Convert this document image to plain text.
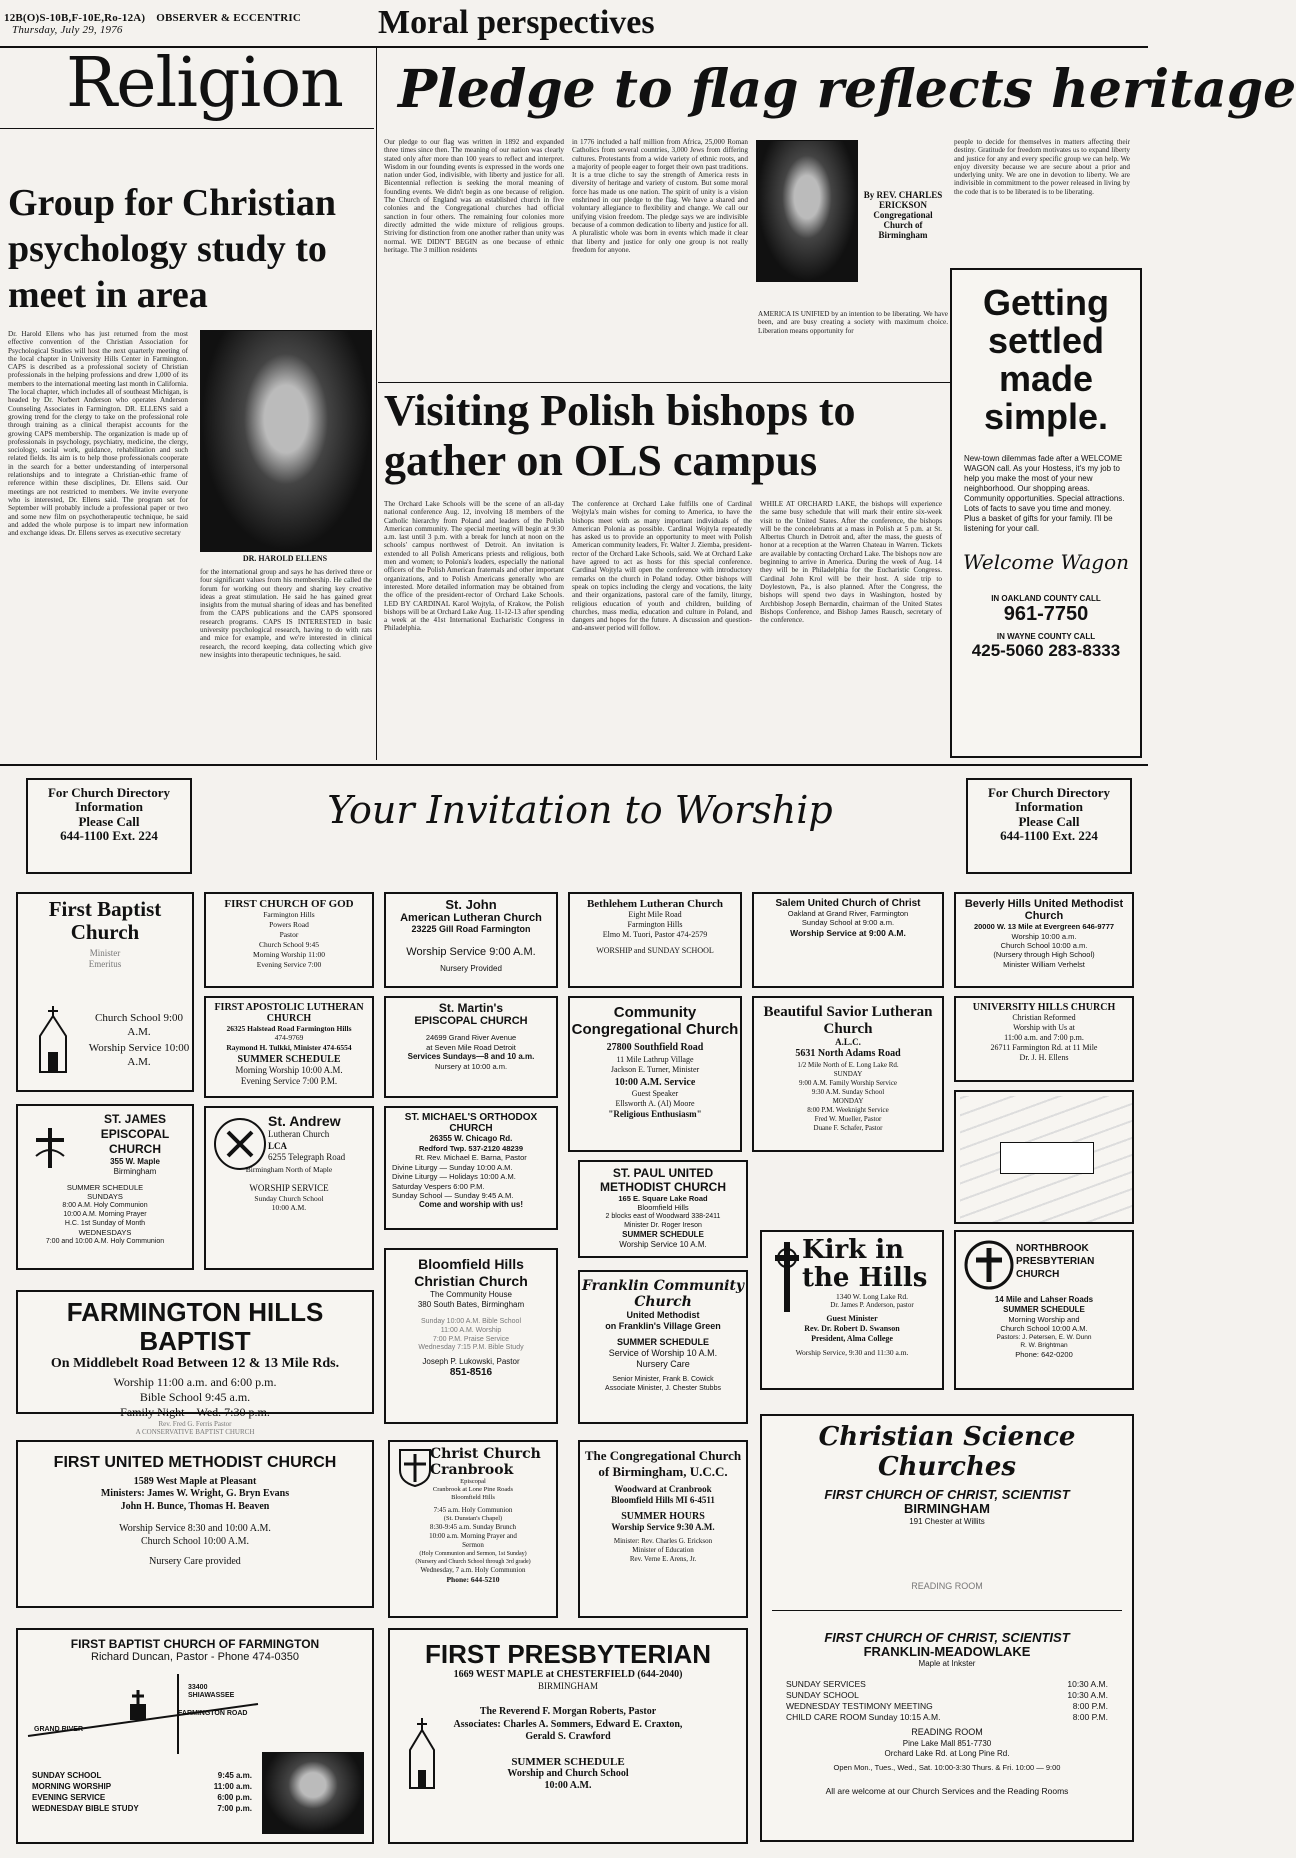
12B(O)S-10B,F-10E,Ro-12A) OBSERVER & ECCENTRIC Thursday, July 29, 1976	Moral perspectives
Religion
Group for Christian psychology study to meet in area
Dr. Harold Ellens who has just returned from the most effective convention of the Christian Association for Psychological Studies will host the next quarterly meeting of the local chapter in University Hills Center in Farmington. CAPS is described as a professional society of Christian professionals in the helping professions and drew 1,000 of its members to the international meeting last month in California. The local chapter, which includes all of southeast Michigan, is headed by Dr. Norbert Anderson who operates Anderson Counseling Associates in Farmington. DR. ELLENS said a growing trend for the clergy to take on the professional role through training as a clinical therapist accounts for the growing CAPS membership. The organization is made up of professionals in psychology, psychiatry, medicine, the clergy, sociology, social work, guidance, rehabilitation and such related fields. Its aim is to help those professionals cooperate in the search for a better understanding of interpersonal relationships and to integrate a Christian-ethic frame of reference within these disciplines, Dr. Ellens said. Our meetings are not restricted to members. We invite everyone who is interested, Dr. Ellens said. The program set for September will probably include a professional paper or two and some new film on psychotherapeutic technique, he said and added the whole purpose is to impart new information and exchange ideas. Dr. Ellens serves as executive secretary
DR. HAROLD ELLENS
for the international group and says he has derived three or four significant values from his membership. He called the forum for working out theory and sharing key creative ideas a great stimulation. He said he has gained great insights from the mutual sharing of ideas and has benefited from the CAPS publications and the CAPS sponsored research programs. CAPS IS INTERESTED in basic university psychological research, having to do with rats and mice for example, and we're interested in clinical research, the record keeping, data collecting which give new insights into therapeutic techniques, he said.
Pledge to flag reflects heritage
Our pledge to our flag was written in 1892 and expanded three times since then. The meaning of our nation was clearly stated only after more than 100 years to reflect and interpret. Wisdom in our founding events is expressed in the words one nation under God, indivisible, with liberty and justice for all. Bicentennial reflection is seeking the moral meaning of founding events. We didn't begin as one because of religion. The Church of England was an established church in five colonies and the Congregational churches had official sanction in four others. The remaining four colonies more directly admitted the wide mixture of religious groups. Striving for distinction from one another rather than unity was normal. WE DIDN'T BEGIN as one because of ethnic heritage. The 3 million residents
in 1776 included a half million from Africa, 25,000 Roman Catholics from several countries, 3,000 Jews from differing cultures. Protestants from a wide variety of ethnic roots, and a majority of people eager to forget their own past traditions. It is a true cliche to say the strength of America rests in diversity of heritage and variety of custom. But some moral force has made us one nation. The spirit of unity is a vision enshrined in our pledge to the flag. We have a shared and voluntary allegiance to flexibility and change. We call our unifying vision freedom. The pledge says we are indivisible because of a common dedication to liberty and justice for all. A pluralistic whole was born in events which made it clear that liberty and justice for only one group is not really freedom for anyone.
By REV. CHARLES ERICKSON Congregational Church of Birmingham
AMERICA IS UNIFIED by an intention to be liberating. We have been, and are busy creating a society with maximum choice. Liberation means opportunity for
people to decide for themselves in matters affecting their destiny. Gratitude for freedom motivates us to expand liberty and justice for any and every specific group we can help. We enjoy diversity because we are secure about a prior and underlying unity. We are one in devotion to liberty. We are indivisible in commitment to the power released in living by the code that is to be liberated is to be liberating.
Visiting Polish bishops to gather on OLS campus
The Orchard Lake Schools will be the scene of an all-day national conference Aug. 12, involving 18 members of the Catholic hierarchy from Poland and leaders of the Polish American community. The special meeting will begin at 9:30 a.m. last until 3 p.m. with a break for lunch at noon on the schools' campus northwest of Detroit. An invitation is extended to all Polish Americans priests and religious, both men and women; to Polonia's leaders, especially the national officers of the Polish American fraternals and other important organizations, and to Polish Americans generally who are interested. More detailed information may be obtained from the office of the president-rector of Orchard Lake Schools. LED BY CARDINAL Karol Wojtyla, of Krakow, the Polish bishops will be at Orchard Lake Aug. 11-12-13 after spending a week at the 41st International Eucharistic Congress in Philadelphia.
The conference at Orchard Lake fulfills one of Cardinal Wojtyla's main wishes for coming to America, to have the bishops meet with as many important individuals of the American Polonia as possible. Cardinal Wojtyla repeatedly has asked us to provide an opportunity to meet with Polish American community leaders, Fr. Walter J. Ziemba, president-rector of the Orchard Lake Schools, said. We at Orchard Lake have agreed to act as hosts for this special conference. Cardinal Wojtyla will open the conference with introductory remarks on the church in Poland today. Other bishops will speak on topics including the clergy and vocations, the laity and their organizations, pastoral care of the family, liturgy, religious education of youth and children, building of churches, mass media, education and culture in Poland, and dangers and hopes for the future. A discussion and question-and-answer period will follow.
WHILE AT ORCHARD LAKE, the bishops will experience the same busy schedule that will mark their entire six-week visit to the United States. After the conference, the bishops will be the concelebrants at a mass in Polish at 5 p.m. at St. Albertus Church in Detroit and, after the mass, the guests of honor at a reception at the Warren Chateau in Warren. Tickets are available by contacting Orchard Lake. The bishops now are beginning to arrive in America. During the week of Aug. 14 they will be in Philadelphia for the Eucharistic Congress. Cardinal John Krol will be their host. A side trip to Doylestown, Pa., is also planned. After the Congress, the bishops will spend two days in Washington, hosted by Archbishop Joseph Bernardin, chairman of the United States Bishops Conference, and Bishop James Rausch, secretary of the conference.
Getting settled made simple.
New-town dilemmas fade after a WELCOME WAGON call. As your Hostess, it's my job to help you make the most of your new neighborhood. Our shopping areas. Community opportunities. Special attractions. Lots of facts to save you time and money. Plus a basket of gifts for your family. I'll be listening for your call.
Welcome Wagon
IN OAKLAND COUNTY CALL
961-7750
IN WAYNE COUNTY CALL
425-5060 283-8333
For Church Directory
Information
Please Call
644-1100 Ext. 224
Your Invitation to Worship	For Church Directory
Information
Please Call
644-1100 Ext. 224
First Baptist Church
Minister
Emeritus
Church School 9:00 A.M.
Worship Service 10:00 A.M.
FIRST CHURCH OF GOD
Farmington Hills
Powers Road
Pastor
Church School 9:45
Morning Worship 11:00
Evening Service 7:00
St. John
American Lutheran Church
23225 Gill Road Farmington
Worship Service 9:00 A.M.
Nursery Provided
Bethlehem Lutheran Church
Eight Mile Road
Farmington Hills
Elmo M. Tuori, Pastor 474-2579
WORSHIP and SUNDAY SCHOOL
Salem United Church of Christ
Oakland at Grand River, Farmington
Sunday School at 9:00 a.m.
Worship Service at 9:00 A.M.
Beverly Hills United Methodist Church
20000 W. 13 Mile at Evergreen 646-9777
Worship 10:00 a.m.
Church School 10:00 a.m.
(Nursery through High School)
Minister William Verhelst
FIRST APOSTOLIC LUTHERAN CHURCH
26325 Halstead Road Farmington Hills
474-9769
Raymond H. Tulkki, Minister 474-6554
SUMMER SCHEDULE
Morning Worship 10:00 A.M.
Evening Service 7:00 P.M.
St. Martin's
EPISCOPAL CHURCH
24699 Grand River Avenue
at Seven Mile Road Detroit
Services Sundays—8 and 10 a.m.
Nursery at 10:00 a.m.
Community Congregational Church
27800 Southfield Road
11 Mile Lathrup Village
Jackson E. Turner, Minister
10:00 A.M. Service
Guest Speaker
Ellsworth A. (Al) Moore
"Religious Enthusiasm"
Beautiful Savior Lutheran Church
A.L.C.
5631 North Adams Road
1/2 Mile North of E. Long Lake Rd.
SUNDAY
9:00 A.M. Family Worship Service
9:30 A.M. Sunday School
MONDAY
8:00 P.M. Weeknight Service
Fred W. Mueller, Pastor
Duane F. Schafer, Pastor
UNIVERSITY HILLS CHURCH
Christian Reformed
Worship with Us at
11:00 a.m. and 7:00 p.m.
26711 Farmington Rd. at 11 Mile
Dr. J. H. Ellens
ST. JAMES EPISCOPAL CHURCH
355 W. Maple
Birmingham
SUMMER SCHEDULE
SUNDAYS
8:00 A.M. Holy Communion
10:00 A.M. Morning Prayer
H.C. 1st Sunday of Month
WEDNESDAYS
7:00 and 10:00 A.M. Holy Communion
St. Andrew
Lutheran Church
LCA
6255 Telegraph Road
Birmingham North of Maple
WORSHIP SERVICE
Sunday Church School
10:00 A.M.
ST. MICHAEL'S ORTHODOX CHURCH
26355 W. Chicago Rd.
Redford Twp. 537-2120 48239
Rt. Rev. Michael E. Barna, Pastor
Divine Liturgy — Sunday 10:00 A.M.
Divine Liturgy — Holidays 10:00 A.M.
Saturday Vespers 6:00 P.M.
Sunday School — Sunday 9:45 A.M.
Come and worship with us!
ST. PAUL UNITED METHODIST CHURCH
165 E. Square Lake Road
Bloomfield Hills
2 blocks east of Woodward 338-2411
Minister Dr. Roger Ireson
SUMMER SCHEDULE
Worship Service 10 A.M.
FARMINGTON HILLS BAPTIST
On Middlebelt Road Between 12 & 13 Mile Rds.
Worship 11:00 a.m. and 6:00 p.m.
Bible School 9:45 a.m.
Family Night—Wed. 7:30 p.m.
Rev. Fred G. Ferris Pastor
A CONSERVATIVE BAPTIST CHURCH
Bloomfield Hills Christian Church
The Community House
380 South Bates, Birmingham
Sunday 10:00 A.M. Bible School
11:00 A.M. Worship
7:00 P.M. Praise Service
Wednesday 7:15 P.M. Bible Study
Joseph P. Lukowski, Pastor
851-8516
Franklin Community Church
United Methodist
on Franklin's Village Green
SUMMER SCHEDULE
Service of Worship 10 A.M.
Nursery Care
Senior Minister, Frank B. Cowick
Associate Minister, J. Chester Stubbs
Kirk in the Hills
1340 W. Long Lake Rd.
Dr. James P. Anderson, pastor
Guest Minister
Rev. Dr. Robert D. Swanson
President, Alma College
Worship Service, 9:30 and 11:30 a.m.
NORTHBROOK PRESBYTERIAN CHURCH
14 Mile and Lahser Roads
SUMMER SCHEDULE
Morning Worship and
Church School 10:00 A.M.
Pastors: J. Petersen, E. W. Dunn
R. W. Brightman
Phone: 642-0200
FIRST UNITED METHODIST CHURCH
1589 West Maple at Pleasant
Ministers: James W. Wright, G. Bryn Evans
John H. Bunce, Thomas H. Beaven
Worship Service 8:30 and 10:00 A.M.
Church School 10:00 A.M.
Nursery Care provided
Christ Church Cranbrook
Episcopal
Cranbrook at Lone Pine Roads
Bloomfield Hills
7:45 a.m. Holy Communion
(St. Dunstan's Chapel)
8:30-9:45 a.m. Sunday Brunch
10:00 a.m. Morning Prayer and
Sermon
(Holy Communion and Sermon, 1st Sunday)
(Nursery and Church School through 3rd grade)
Wednesday, 7 a.m. Holy Communion
Phone: 644-5210
The Congregational Church of Birmingham, U.C.C.
Woodward at Cranbrook
Bloomfield Hills MI 6-4511
SUMMER HOURS
Worship Service 9:30 A.M.
Minister: Rev. Charles G. Erickson
Minister of Education
Rev. Verne E. Arens, Jr.
Christian Science Churches
FIRST CHURCH OF CHRIST, SCIENTIST
BIRMINGHAM
191 Chester at Willits
READING ROOM
FIRST CHURCH OF CHRIST, SCIENTIST
FRANKLIN-MEADOWLAKE
Maple at Inkster
SUNDAY SERVICES	10:30 A.M.
SUNDAY SCHOOL	10:30 A.M.
WEDNESDAY TESTIMONY MEETING	8:00 P.M.
CHILD CARE ROOM Sunday 10:15 A.M.	8:00 P.M.
READING ROOM
Pine Lake Mall 851-7730
Orchard Lake Rd. at Long Pine Rd.
Open Mon., Tues., Wed., Sat. 10:00-3:30 Thurs. & Fri. 10:00 — 9:00
All are welcome at our Church Services and the Reading Rooms
FIRST BAPTIST CHURCH OF FARMINGTON
Richard Duncan, Pastor - Phone 474-0350
33400
SHIAWASSEE
GRAND RIVER
FARMINGTON ROAD
SUNDAY SCHOOL	9:45 a.m.
MORNING WORSHIP	11:00 a.m.
EVENING SERVICE	6:00 p.m.
WEDNESDAY BIBLE STUDY	7:00 p.m.
FIRST PRESBYTERIAN
1669 WEST MAPLE at CHESTERFIELD (644-2040)
BIRMINGHAM
The Reverend F. Morgan Roberts, Pastor
Associates: Charles A. Sommers, Edward E. Craxton,
Gerald S. Crawford
SUMMER SCHEDULE
Worship and Church School
10:00 A.M.
